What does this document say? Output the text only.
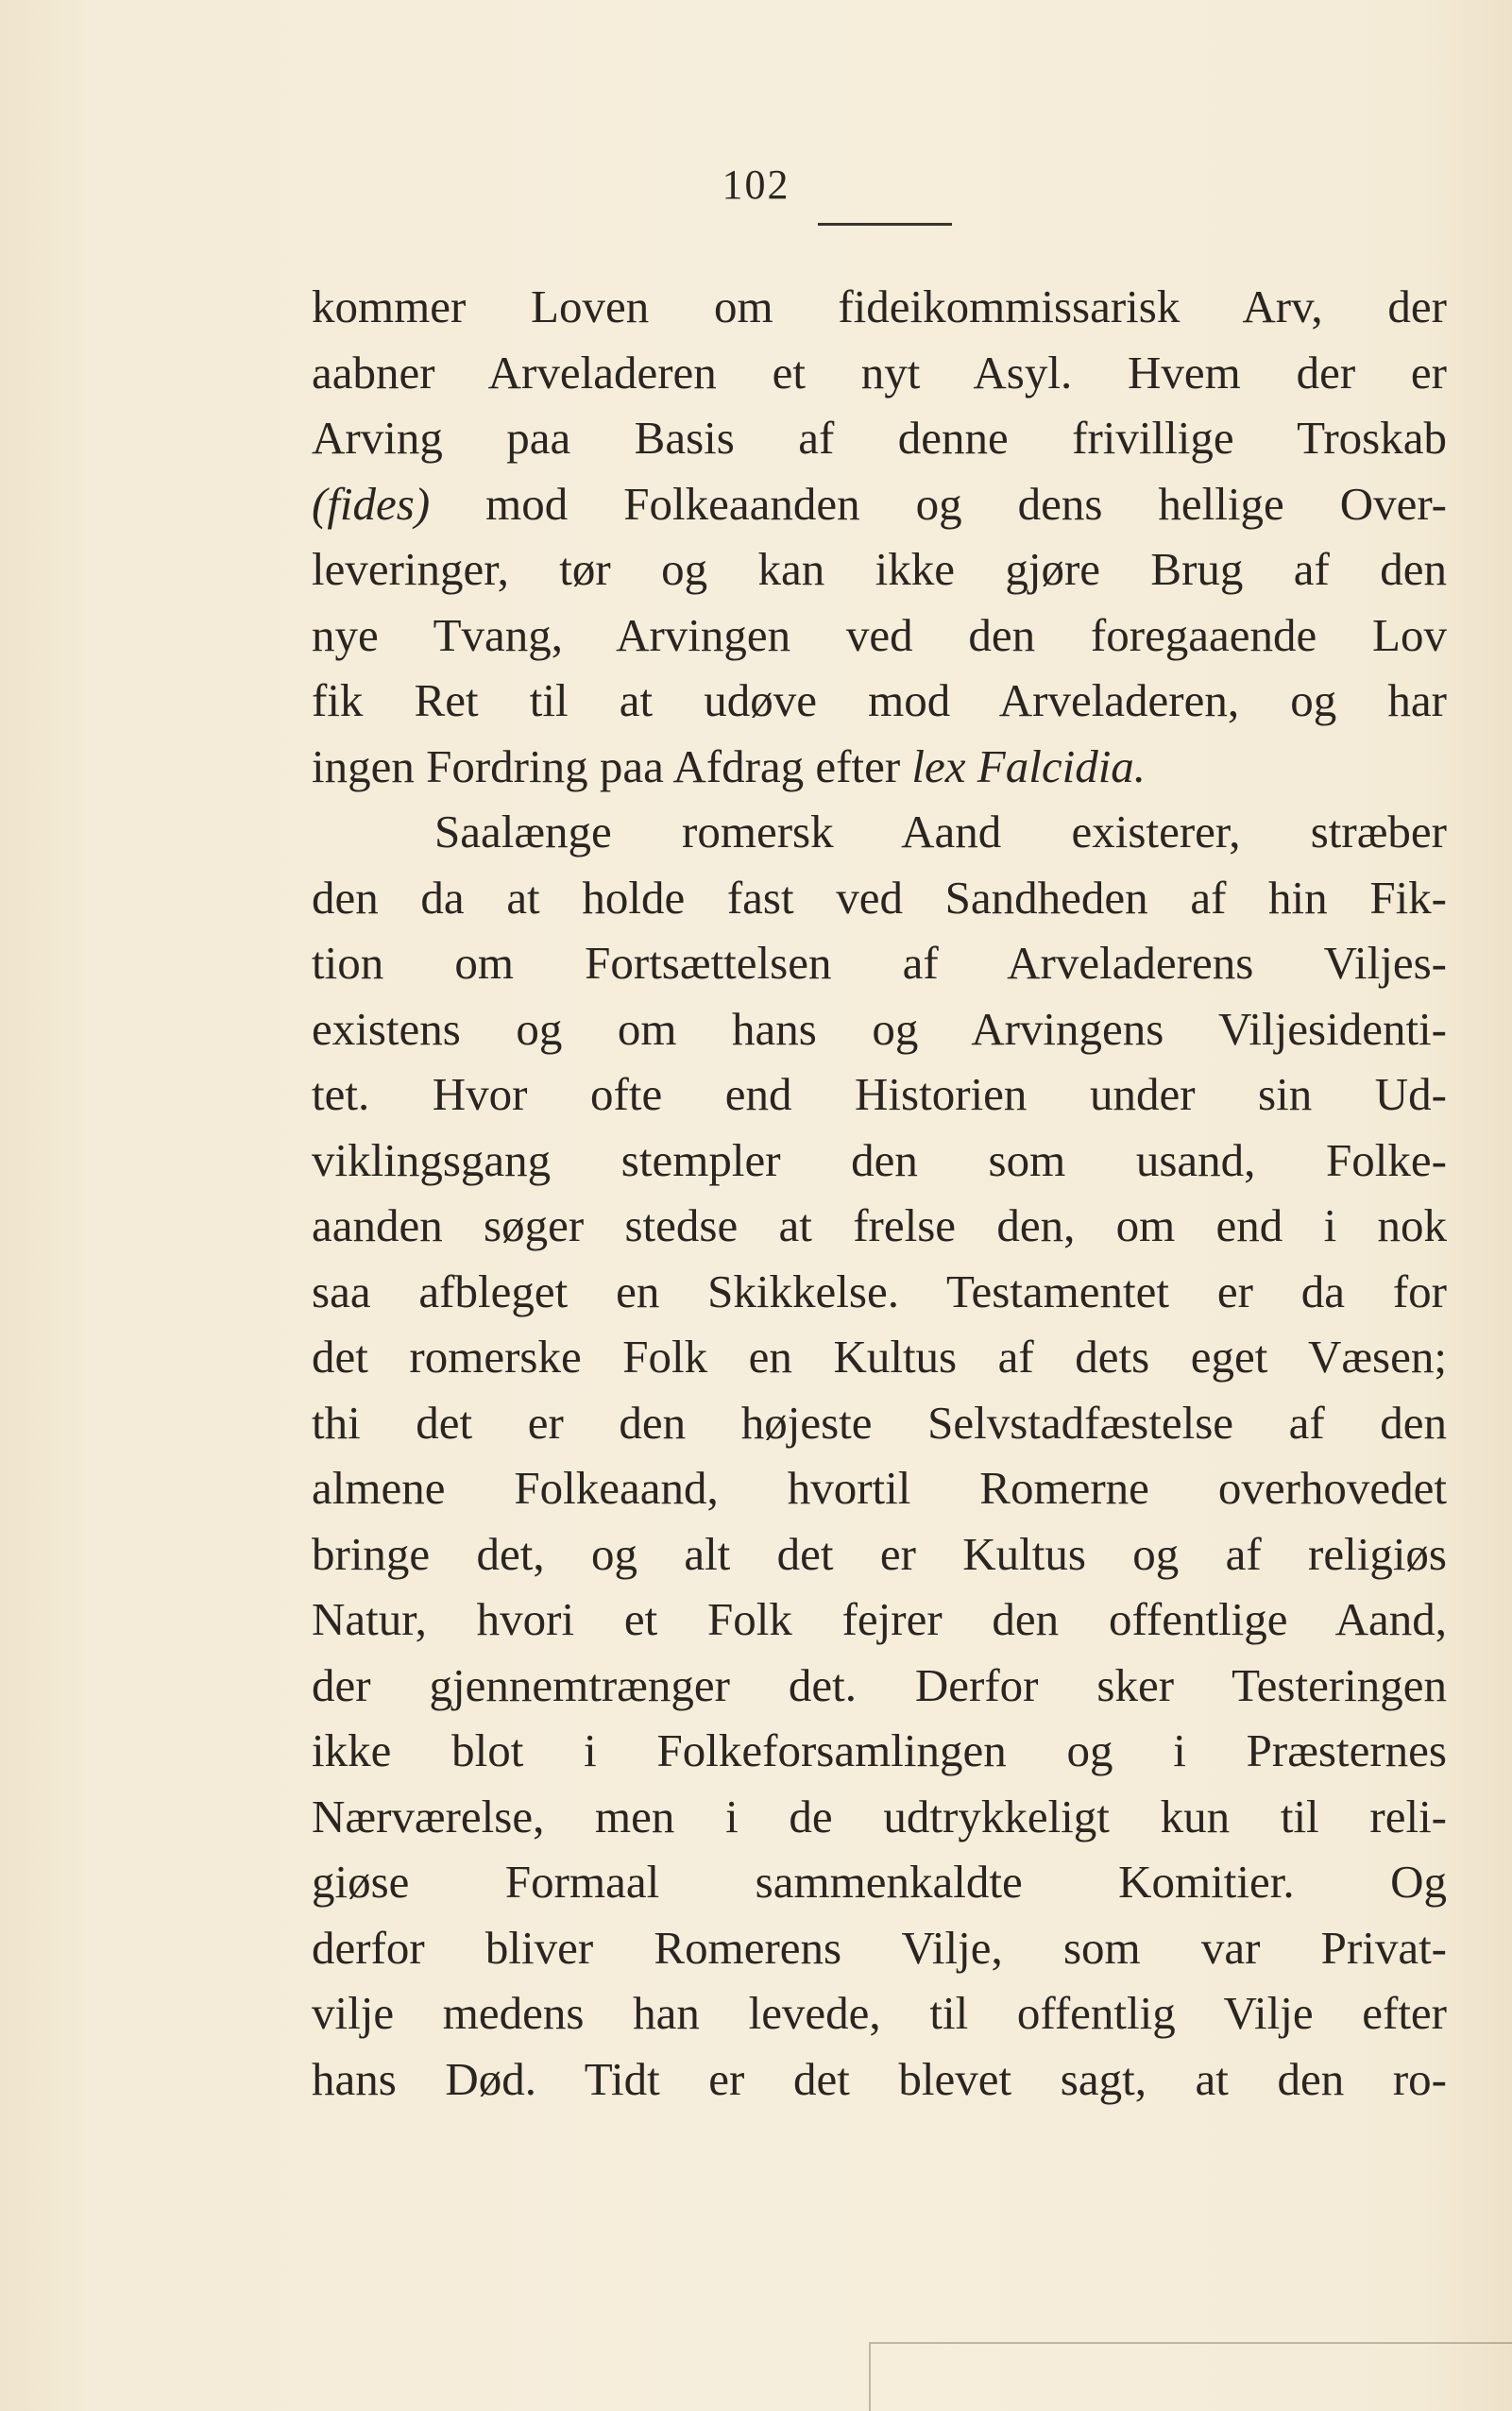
102
kommer Loven om fideikommissarisk Arv, der
aabner Arveladeren et nyt Asyl. Hvem der er
Arving paa Basis af denne frivillige Troskab
(fides) mod Folkeaanden og dens hellige Over-
leveringer, tør og kan ikke gjøre Brug af den
nye Tvang, Arvingen ved den foregaaende Lov
fik Ret til at udøve mod Arveladeren, og har
ingen Fordring paa Afdrag efter lex Falcidia.
Saalænge romersk Aand existerer, stræber
den da at holde fast ved Sandheden af hin Fik-
tion om Fortsættelsen af Arveladerens Viljes-
existens og om hans og Arvingens Viljesidenti-
tet. Hvor ofte end Historien under sin Ud-
viklingsgang stempler den som usand, Folke-
aanden søger stedse at frelse den, om end i nok
saa afbleget en Skikkelse. Testamentet er da for
det romerske Folk en Kultus af dets eget Væsen;
thi det er den højeste Selvstadfæstelse af den
almene Folkeaand, hvortil Romerne overhovedet
bringe det, og alt det er Kultus og af religiøs
Natur, hvori et Folk fejrer den offentlige Aand,
der gjennemtrænger det. Derfor sker Testeringen
ikke blot i Folkeforsamlingen og i Præsternes
Nærværelse, men i de udtrykkeligt kun til reli-
giøse Formaal sammenkaldte Komitier. Og
derfor bliver Romerens Vilje, som var Privat-
vilje medens han levede, til offentlig Vilje efter
hans Død. Tidt er det blevet sagt, at den ro-
